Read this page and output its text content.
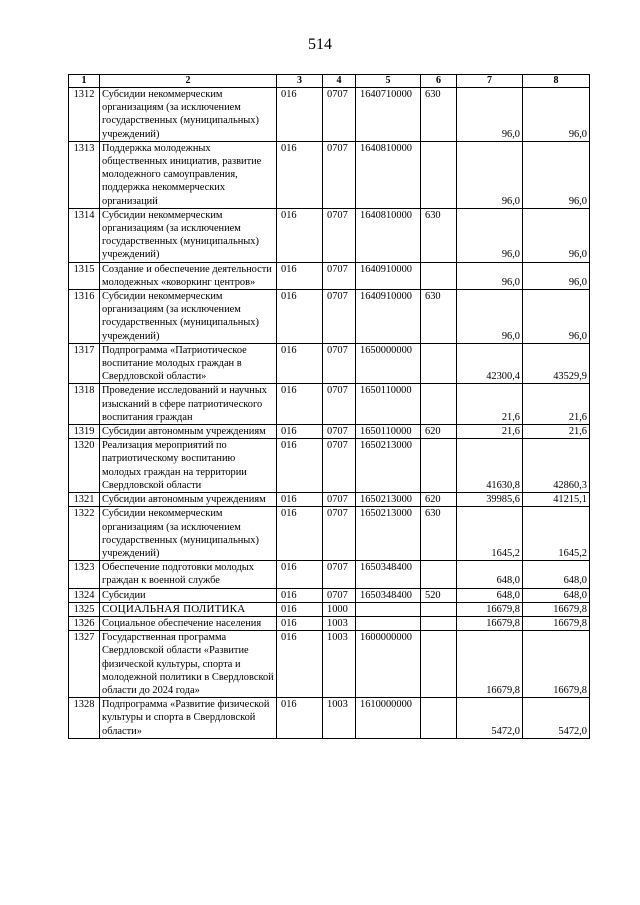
514
1	2	3	4	5	6	7	8
1312	Субсидии некоммерческим организациям (за исключением государственных (муниципальных) учреждений)	016	0707	1640710000	630	96,0	96,0
1313	Поддержка молодежных общественных инициатив, развитие молодежного самоуправления, поддержка некоммерческих организаций	016	0707	1640810000		96,0	96,0
1314	Субсидии некоммерческим организациям (за исключением государственных (муниципальных) учреждений)	016	0707	1640810000	630	96,0	96,0
1315	Создание и обеспечение деятельности молодежных «коворкинг центров»	016	0707	1640910000		96,0	96,0
1316	Субсидии некоммерческим организациям (за исключением государственных (муниципальных) учреждений)	016	0707	1640910000	630	96,0	96,0
1317	Подпрограмма «Патриотическое воспитание молодых граждан в Свердловской области»	016	0707	1650000000		42300,4	43529,9
1318	Проведение исследований и научных изысканий в сфере патриотического воспитания граждан	016	0707	1650110000		21,6	21,6
1319	Субсидии автономным учреждениям	016	0707	1650110000	620	21,6	21,6
1320	Реализация мероприятий по патриотическому воспитанию молодых граждан на территории Свердловской области	016	0707	1650213000		41630,8	42860,3
1321	Субсидии автономным учреждениям	016	0707	1650213000	620	39985,6	41215,1
1322	Субсидии некоммерческим организациям (за исключением государственных (муниципальных) учреждений)	016	0707	1650213000	630	1645,2	1645,2
1323	Обеспечение подготовки молодых граждан к военной службе	016	0707	1650348400		648,0	648,0
1324	Субсидии	016	0707	1650348400	520	648,0	648,0
1325	СОЦИАЛЬНАЯ ПОЛИТИКА	016	1000			16679,8	16679,8
1326	Социальное обеспечение населения	016	1003			16679,8	16679,8
1327	Государственная программа Свердловской области «Развитие физической культуры, спорта и молодежной политики в Свердловской области до 2024 года»	016	1003	1600000000		16679,8	16679,8
1328	Подпрограмма «Развитие физической культуры и спорта в Свердловской области»	016	1003	1610000000		5472,0	5472,0
